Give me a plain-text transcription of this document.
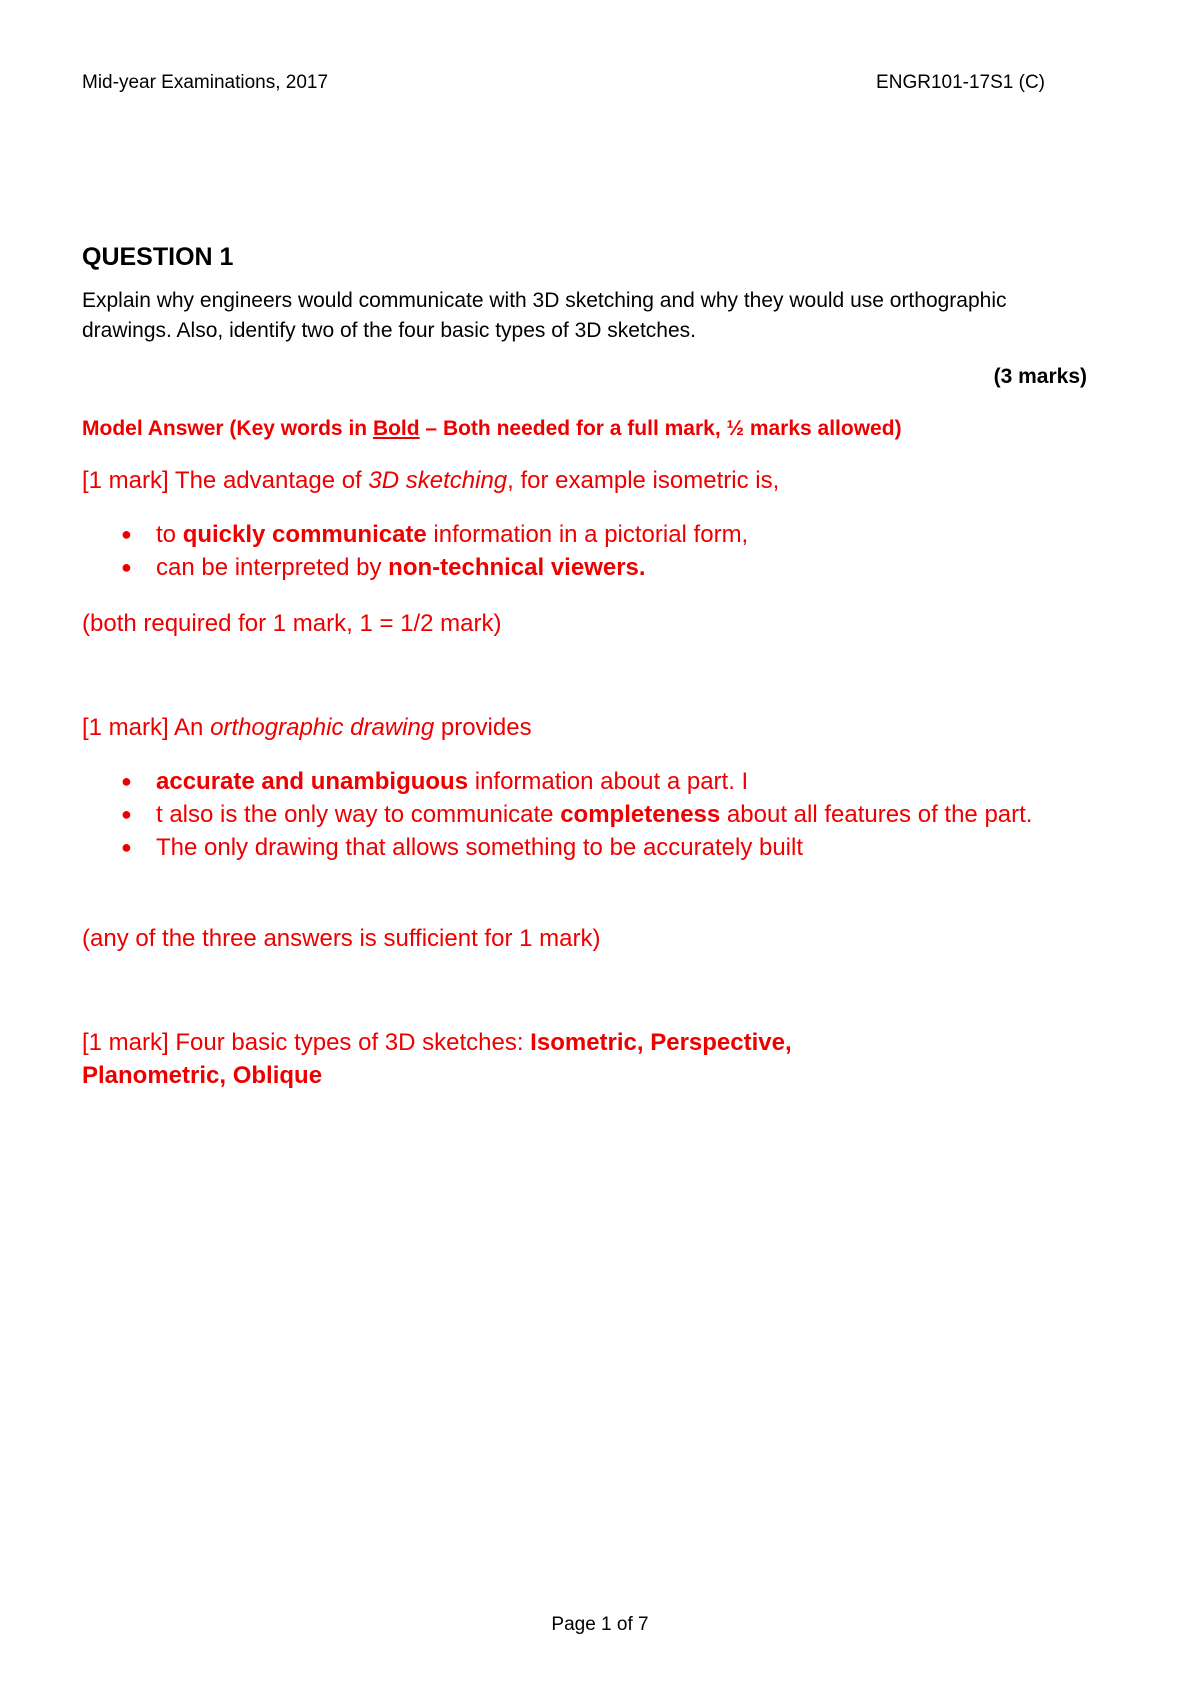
Mid-year Examinations, 2017	ENGR101-17S1 (C)
QUESTION 1
Explain why engineers would communicate with 3D sketching and why they would use orthographic drawings. Also, identify two of the four basic types of 3D sketches.
(3 marks)
Model Answer (Key words in Bold – Both needed for a full mark, ½ marks allowed)
[1 mark] The advantage of 3D sketching, for example isometric is,
● to quickly communicate information in a pictorial form,
● can be interpreted by non-technical viewers.
(both required for 1 mark, 1 = 1/2 mark)
[1 mark] An orthographic drawing provides
● accurate and unambiguous information about a part. I
● t also is the only way to communicate completeness about all features of the part.
● The only drawing that allows something to be accurately built
(any of the three answers is sufficient for 1 mark)
[1 mark] Four basic types of 3D sketches: Isometric, Perspective,
Planometric, Oblique
Page 1 of 7
